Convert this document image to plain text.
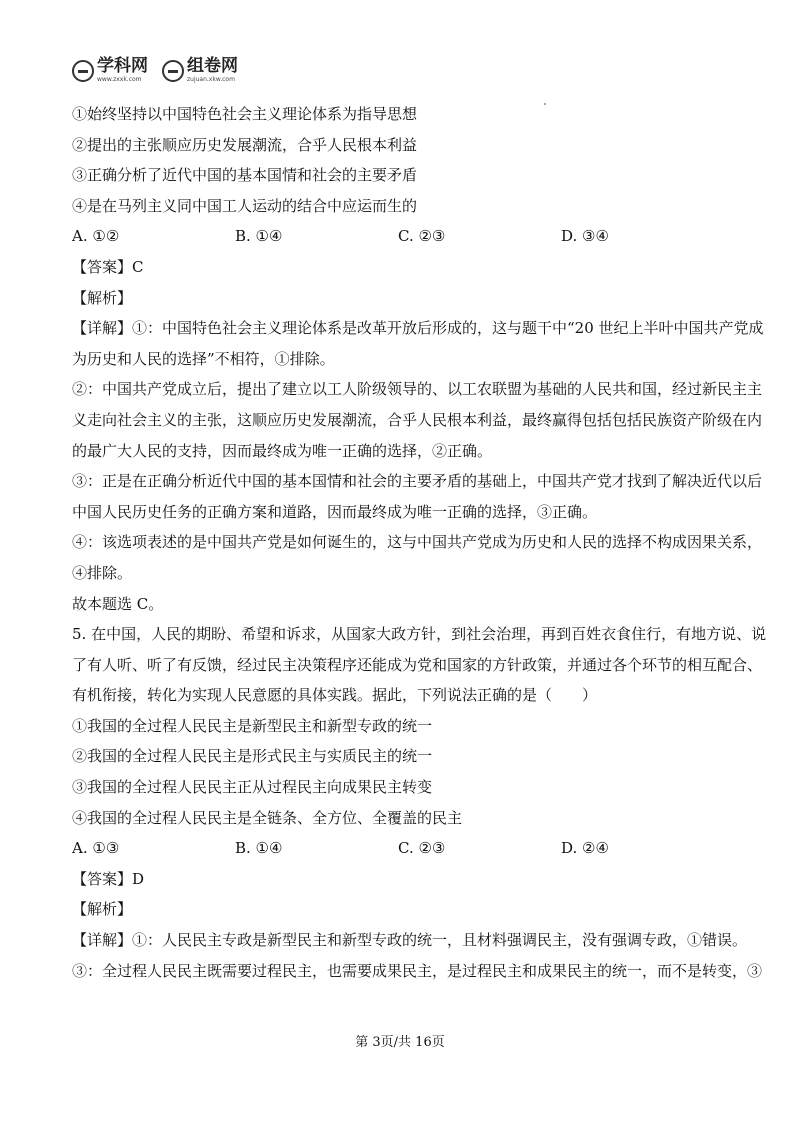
学科网
www.zxxk.com
组卷网
zujuan.xkw.com
①始终坚持以中国特色社会主义理论体系为指导思想
②提出的主张顺应历史发展潮流，合乎人民根本利益
③正确分析了近代中国的基本国情和社会的主要矛盾
④是在马列主义同中国工人运动的结合中应运而生的
A. ①②	B. ①④	C. ②③	D. ③④
【答案】C
【解析】
【详解】①：中国特色社会主义理论体系是改革开放后形成的，这与题干中“20 世纪上半叶中国共产党成
为历史和人民的选择”不相符，①排除。
②：中国共产党成立后，提出了建立以工人阶级领导的、以工农联盟为基础的人民共和国，经过新民主主
义走向社会主义的主张，这顺应历史发展潮流，合乎人民根本利益，最终赢得包括包括民族资产阶级在内
的最广大人民的支持，因而最终成为唯一正确的选择，②正确。
③：正是在正确分析近代中国的基本国情和社会的主要矛盾的基础上，中国共产党才找到了解决近代以后
中国人民历史任务的正确方案和道路，因而最终成为唯一正确的选择，③正确。
④：该选项表述的是中国共产党是如何诞生的，这与中国共产党成为历史和人民的选择不构成因果关系，
④排除。
故本题选 C。
5. 在中国，人民的期盼、希望和诉求，从国家大政方针，到社会治理，再到百姓衣食住行，有地方说、说
了有人听、听了有反馈，经过民主决策程序还能成为党和国家的方针政策，并通过各个环节的相互配合、
有机衔接，转化为实现人民意愿的具体实践。据此，下列说法正确的是（　　）
①我国的全过程人民民主是新型民主和新型专政的统一
②我国的全过程人民民主是形式民主与实质民主的统一
③我国的全过程人民民主正从过程民主向成果民主转变
④我国的全过程人民民主是全链条、全方位、全覆盖的民主
A. ①③	B. ①④	C. ②③	D. ②④
【答案】D
【解析】
【详解】①：人民民主专政是新型民主和新型专政的统一，且材料强调民主，没有强调专政，①错误。
③：全过程人民民主既需要过程民主，也需要成果民主，是过程民主和成果民主的统一，而不是转变，③
第 3页/共 16页
